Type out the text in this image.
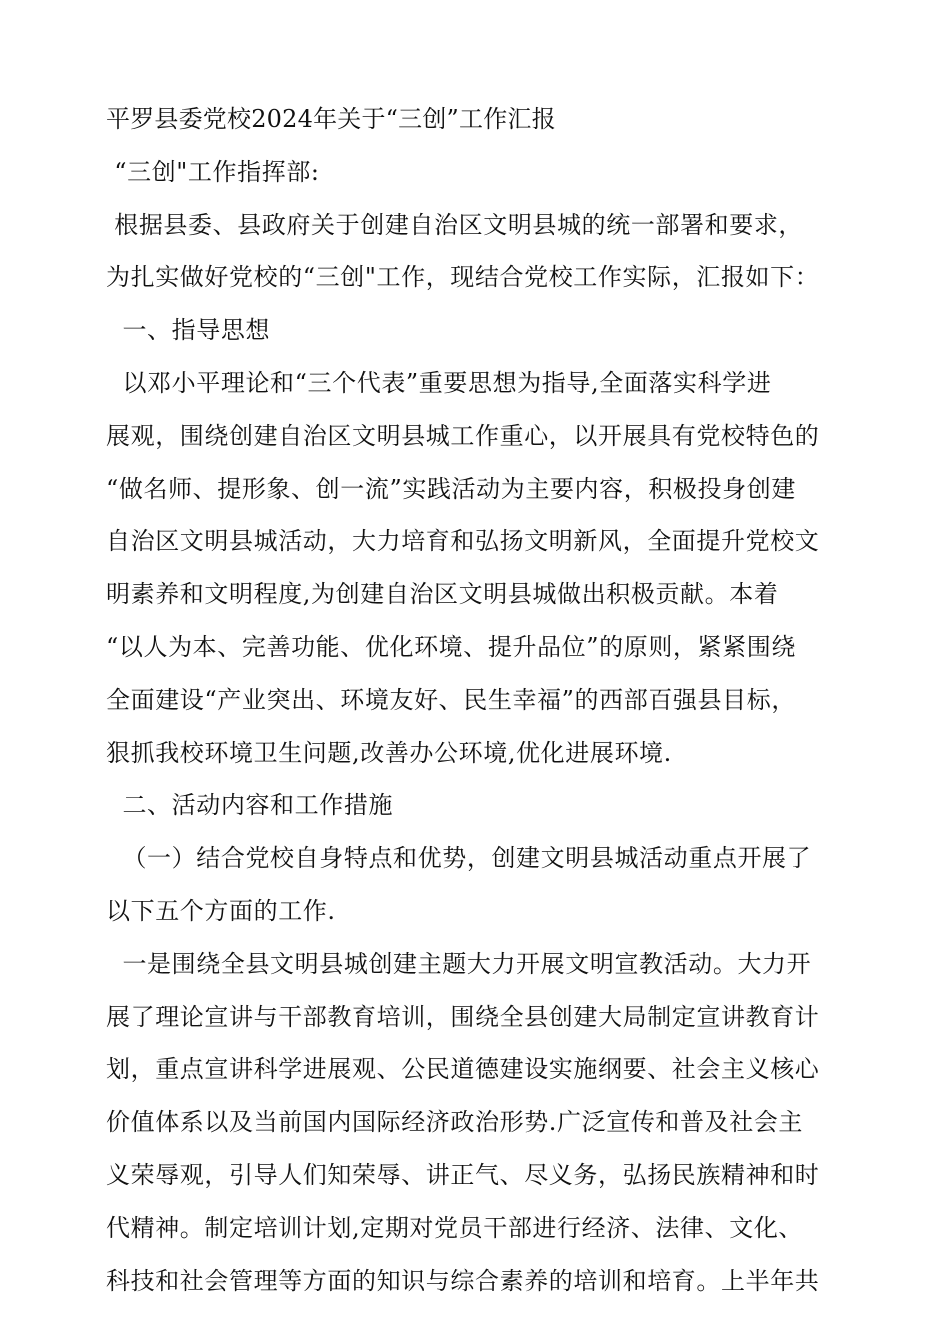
平罗县委党校2024年关于“三创”工作汇报
“三创"工作指挥部:
根据县委、县政府关于创建自治区文明县城的统一部署和要求，
为扎实做好党校的“三创"工作，现结合党校工作实际，汇报如下：
一、指导思想
以邓小平理论和“三个代表”重要思想为指导,全面落实科学进
展观，围绕创建自治区文明县城工作重心，以开展具有党校特色的
“做名师、提形象、创一流”实践活动为主要内容，积极投身创建
自治区文明县城活动，大力培育和弘扬文明新风，全面提升党校文
明素养和文明程度,为创建自治区文明县城做出积极贡献。本着
“以人为本、完善功能、优化环境、提升品位”的原则，紧紧围绕
全面建设“产业突出、环境友好、民生幸福”的西部百强县目标，
狠抓我校环境卫生问题,改善办公环境,优化进展环境.
二、活动内容和工作措施
（一）结合党校自身特点和优势，创建文明县城活动重点开展了
以下五个方面的工作.
一是围绕全县文明县城创建主题大力开展文明宣教活动。大力开
展了理论宣讲与干部教育培训，围绕全县创建大局制定宣讲教育计
划，重点宣讲科学进展观、公民道德建设实施纲要、社会主义核心
价值体系以及当前国内国际经济政治形势.广泛宣传和普及社会主
义荣辱观，引导人们知荣辱、讲正气、尽义务，弘扬民族精神和时
代精神。制定培训计划,定期对党员干部进行经济、法律、文化、
科技和社会管理等方面的知识与综合素养的培训和培育。上半年共
